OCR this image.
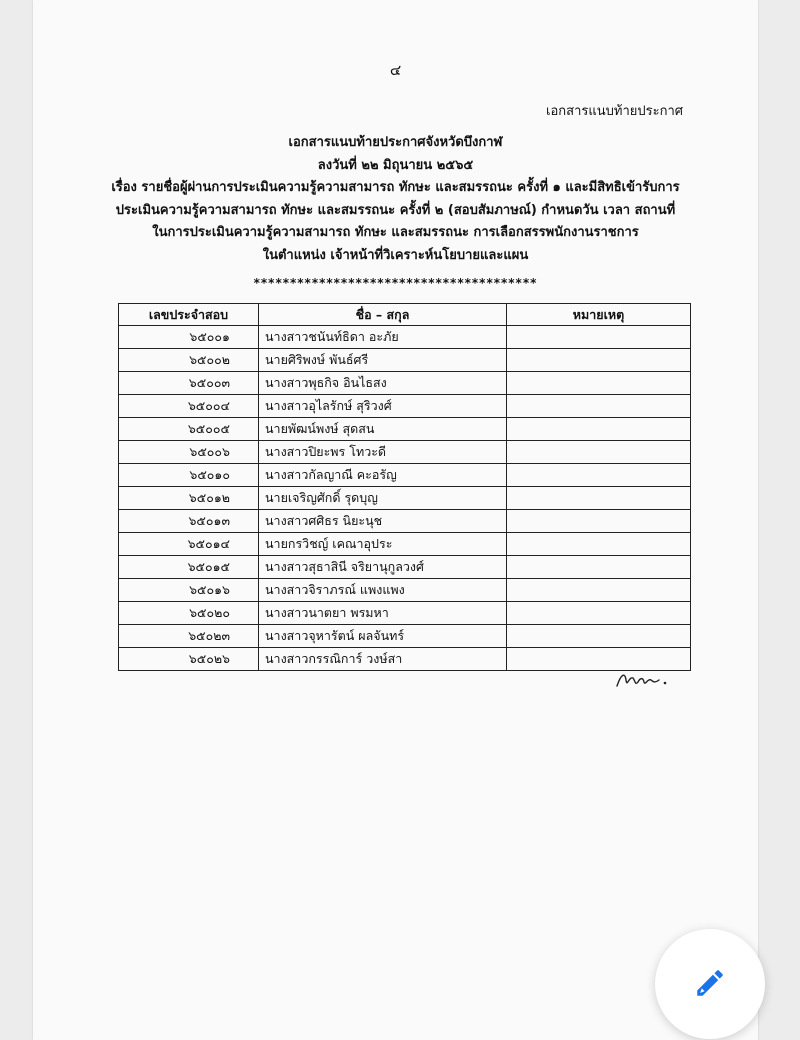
๔
เอกสารแนบท้ายประกาศ
เอกสารแนบท้ายประกาศจังหวัดบึงกาฬ
ลงวันที่ ๒๒ มิถุนายน ๒๕๖๕
เรื่อง รายชื่อผู้ผ่านการประเมินความรู้ความสามารถ ทักษะ และสมรรถนะ ครั้งที่ ๑ และมีสิทธิเข้ารับการ
ประเมินความรู้ความสามารถ ทักษะ และสมรรถนะ ครั้งที่ ๒ (สอบสัมภาษณ์) กำหนดวัน เวลา สถานที่
ในการประเมินความรู้ความสามารถ ทักษะ และสมรรถนะ การเลือกสรรพนักงานราชการ
ในตำแหน่ง เจ้าหน้าที่วิเคราะห์นโยบายและแผน
***************************************
เลขประจำสอบ	ชื่อ – สกุล	หมายเหตุ
๖๕๐๐๑	นางสาวชนันท์ธิดา อะภัย	
๖๕๐๐๒	นายศิริพงษ์ พันธ์ศรี	
๖๕๐๐๓	นางสาวพุธกิจ อินไธสง	
๖๕๐๐๔	นางสาวอุไลรักษ์ สุริวงศ์	
๖๕๐๐๕	นายพัฒน์พงษ์ สุดสน	
๖๕๐๐๖	นางสาวปิยะพร โทวะดี	
๖๕๐๑๐	นางสาวกัลญาณี คะอรัญ	
๖๕๐๑๒	นายเจริญศักดิ์ รุดบุญ	
๖๕๐๑๓	นางสาวศศิธร นิยะนุช	
๖๕๐๑๔	นายกรวิชญ์ เคณาอุประ	
๖๕๐๑๕	นางสาวสุธาสินี จริยานุกูลวงศ์	
๖๕๐๑๖	นางสาวจิราภรณ์ แพงแพง	
๖๕๐๒๐	นางสาวนาตยา พรมหา	
๖๕๐๒๓	นางสาวจุหารัตน์ ผลจันทร์	
๖๕๐๒๖	นางสาวกรรณิการ์ วงษ์สา	
